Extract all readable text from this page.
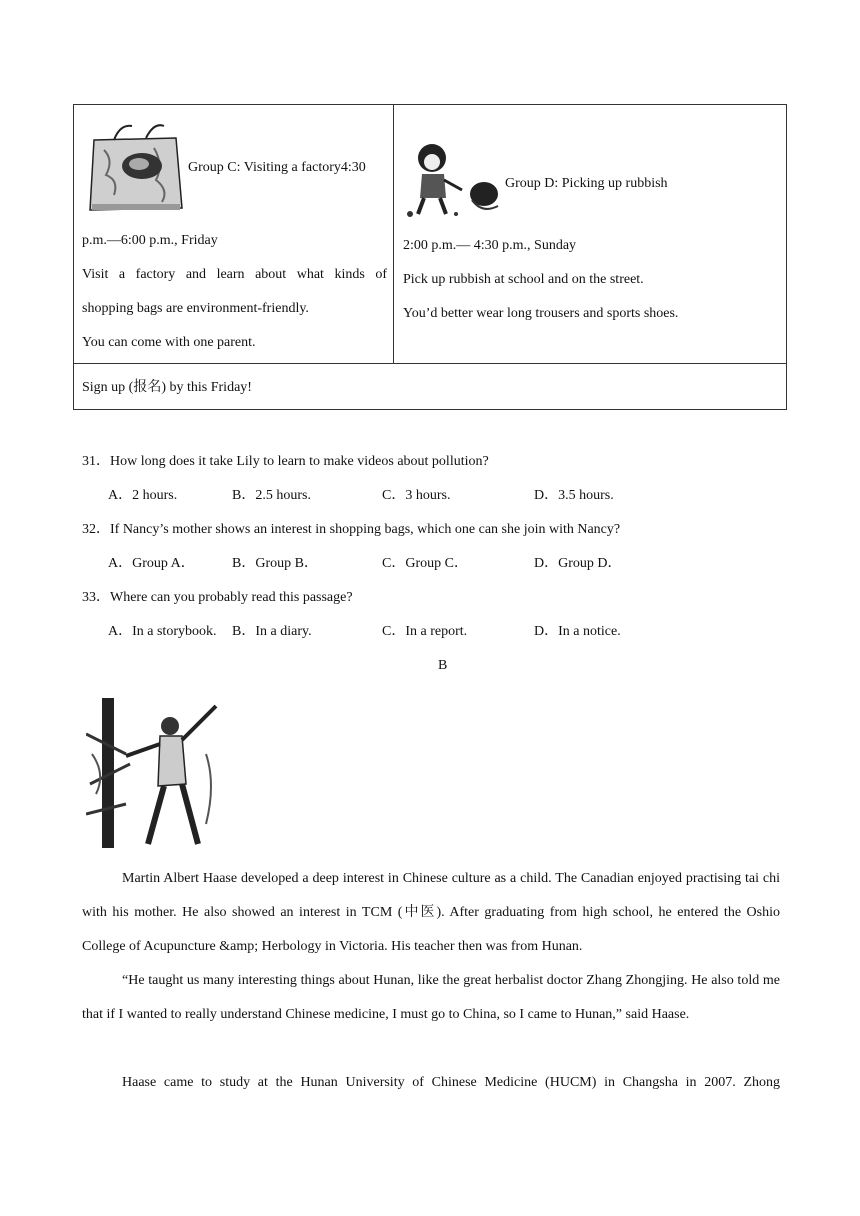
Group C: Visiting a factory4:30
p.m.—6:00 p.m., Friday
Visit a factory and learn about what kinds of
shopping bags are environment-friendly.
You can come with one parent.
Group D: Picking up rubbish
2:00 p.m.— 4:30 p.m., Sunday
Pick up rubbish at school and on the street.
You’d better wear long trousers and sports shoes.
Sign up (报名) by this Friday!
31．How long does it take Lily to learn to make videos about pollution?
A．2 hours.	B．2.5 hours.	C．3 hours.	D．3.5 hours.
32．If Nancy’s mother shows an interest in shopping bags, which one can she join with Nancy?
A．Group A．	B．Group B．	C．Group C．	D．Group D．
33．Where can you probably read this passage?
A．In a storybook. B．In a diary.	C．In a report.	D．In a notice.
B
Martin Albert Haase developed a deep interest in Chinese culture as a child. The Canadian enjoyed practising tai chi with his mother. He also showed an interest in TCM (中医). After graduating from high school, he entered the Oshio College of Acupuncture &amp; Herbology in Victoria. His teacher then was from Hunan.
“He taught us many interesting things about Hunan, like the great herbalist doctor Zhang Zhongjing. He also told me that if I wanted to really understand Chinese medicine, I must go to China, so I came to Hunan,” said Haase.
Haase came to study at the Hunan University of Chinese Medicine (HUCM) in Changsha in 2007. Zhong
